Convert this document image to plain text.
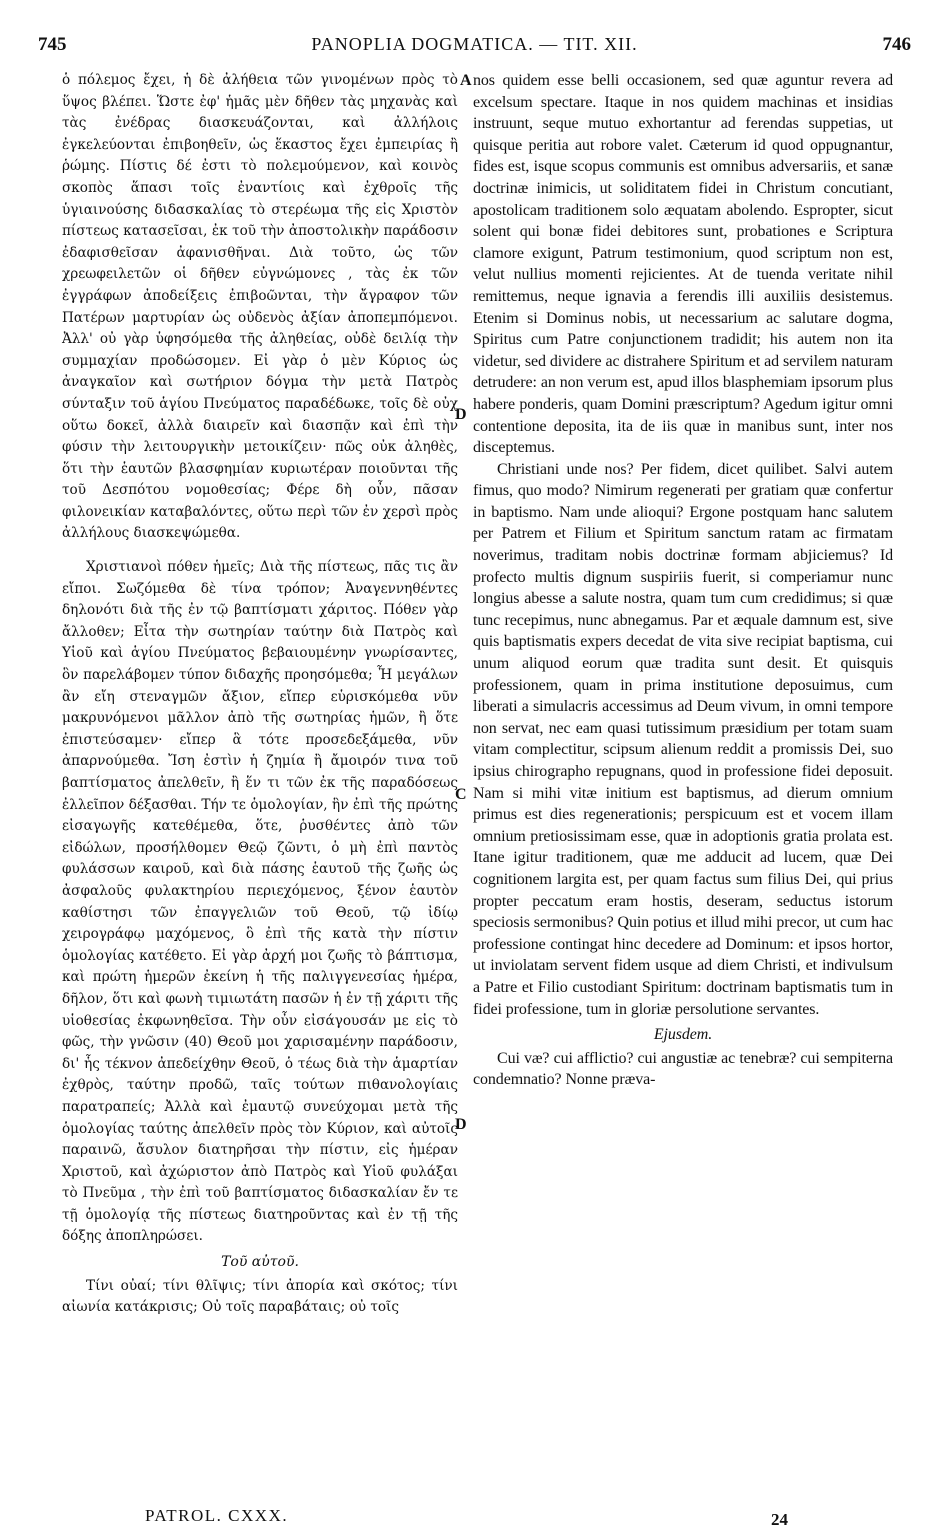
745	PANOPLIA DOGMATICA. — TIT. XII.	746

ὁ πόλεμος ἔχει, ἡ δὲ ἀλήθεια τῶν γινομένων πρὸς τὸ ὕψος βλέπει. Ὥστε ἐφ' ἡμᾶς μὲν δῆθεν τὰς μηχανὰς καὶ τὰς ἐνέδρας διασκευάζονται, καὶ ἀλλήλοις ἐγκελεύονται ἐπιβοηθεῖν, ὡς ἕκαστος ἔχει ἐμπειρίας ἢ ῥώμης. Πίστις δέ ἐστι τὸ πολεμούμενον, καὶ κοινὸς σκοπὸς ἅπασι τοῖς ἐναντίοις καὶ ἐχθροῖς τῆς ὑγιαινούσης διδασκαλίας τὸ στερέωμα τῆς εἰς Χριστὸν πίστεως κατασεῖσαι, ἐκ τοῦ τὴν ἀποστολικὴν παράδοσιν ἐδαφισθεῖσαν ἀφανισθῆναι. Διὰ τοῦτο, ὡς τῶν χρεωφειλετῶν οἱ δῆθεν εὐγνώμονες , τὰς ἐκ τῶν ἐγγράφων ἀποδείξεις ἐπιβοῶνται, τὴν ἄγραφον τῶν Πατέρων μαρτυρίαν ὡς οὐδενὸς ἀξίαν ἀποπεμπόμενοι. Ἀλλ' οὐ γὰρ ὑφησόμεθα τῆς ἀληθείας, οὐδὲ δειλίᾳ τὴν συμμαχίαν προδώσομεν. Εἰ γὰρ ὁ μὲν Κύριος ὡς ἀναγκαῖον καὶ σωτήριον δόγμα τὴν μετὰ Πατρὸς σύνταξιν τοῦ ἁγίου Πνεύματος παραδέδωκε, τοῖς δὲ οὐχ οὕτω δοκεῖ, ἀλλὰ διαιρεῖν καὶ διασπᾷν καὶ ἐπὶ τὴν φύσιν τὴν λειτουργικὴν μετοικίζειν· πῶς οὐκ ἀληθὲς, ὅτι τὴν ἑαυτῶν βλασφημίαν κυριωτέραν ποιοῦνται τῆς τοῦ Δεσπότου νομοθεσίας; Φέρε δὴ οὖν, πᾶσαν φιλονεικίαν καταβαλόντες, οὕτω περὶ τῶν ἐν χερσὶ πρὸς ἀλλήλους διασκεψώμεθα.

Χριστιανοὶ πόθεν ἡμεῖς; Διὰ τῆς πίστεως, πᾶς τις ἂν εἴποι. Σωζόμεθα δὲ τίνα τρόπον; Ἀναγεννηθέντες δηλονότι διὰ τῆς ἐν τῷ βαπτίσματι χάριτος. Πόθεν γὰρ ἄλλοθεν; Εἶτα τὴν σωτηρίαν ταύτην διὰ Πατρὸς καὶ Υἱοῦ καὶ ἁγίου Πνεύματος βεβαιουμένην γνωρίσαντες, ὃν παρελάβομεν τύπον διδαχῆς προησόμεθα; Ἦ μεγάλων ἂν εἴη στεναγμῶν ἄξιον, εἴπερ εὑρισκόμεθα νῦν μακρυνόμενοι μᾶλλον ἀπὸ τῆς σωτηρίας ἡμῶν, ἢ ὅτε ἐπιστεύσαμεν· εἴπερ ἃ τότε προσεδεξάμεθα, νῦν ἀπαρνούμεθα. Ἴση ἐστὶν ἡ ζημία ἢ ἄμοιρόν τινα τοῦ βαπτίσματος ἀπελθεῖν, ἢ ἕν τι τῶν ἐκ τῆς παραδόσεως ἐλλεῖπον δέξασθαι. Τήν τε ὁμολογίαν, ἣν ἐπὶ τῆς πρώτης εἰσαγωγῆς κατεθέμεθα, ὅτε, ῥυσθέντες ἀπὸ τῶν εἰδώλων, προσήλθομεν Θεῷ ζῶντι, ὁ μὴ ἐπὶ παντὸς φυλάσσων καιροῦ, καὶ διὰ πάσης ἑαυτοῦ τῆς ζωῆς ὡς ἀσφαλοῦς φυλακτηρίου περιεχόμενος, ξένον ἑαυτὸν καθίστησι τῶν ἐπαγγελιῶν τοῦ Θεοῦ, τῷ ἰδίῳ χειρογράφῳ μαχόμενος, ὃ ἐπὶ τῆς κατὰ τὴν πίστιν ὁμολογίας κατέθετο. Εἰ γὰρ ἀρχή μοι ζωῆς τὸ βάπτισμα, καὶ πρώτη ἡμερῶν ἐκείνη ἡ τῆς παλιγγενεσίας ἡμέρα, δῆλον, ὅτι καὶ φωνὴ τιμιωτάτη πασῶν ἡ ἐν τῇ χάριτι τῆς υἱοθεσίας ἐκφωνηθεῖσα. Τὴν οὖν εἰσάγουσάν με εἰς τὸ φῶς, τὴν γνῶσιν (40) Θεοῦ μοι χαρισαμένην παράδοσιν, δι' ἧς τέκνον ἀπεδείχθην Θεοῦ, ὁ τέως διὰ τὴν ἁμαρτίαν ἐχθρὸς, ταύτην προδῶ, ταῖς τούτων πιθανολογίαις παρατραπείς; Ἀλλὰ καὶ ἐμαυτῷ συνεύχομαι μετὰ τῆς ὁμολογίας ταύτης ἀπελθεῖν πρὸς τὸν Κύριον, καὶ αὐτοῖς παραινῶ, ἄσυλον διατηρῆσαι τὴν πίστιν, εἰς ἡμέραν Χριστοῦ, καὶ ἀχώριστον ἀπὸ Πατρὸς καὶ Υἱοῦ φυλάξαι τὸ Πνεῦμα , τὴν ἐπὶ τοῦ βαπτίσματος διδασκαλίαν ἔν τε τῇ ὁμολογίᾳ τῆς πίστεως διατηροῦντας καὶ ἐν τῇ τῆς δόξης ἀποπληρώσει.

Τοῦ αὐτοῦ.

Τίνι οὐαί; τίνι θλῖψις; τίνι ἀπορία καὶ σκότος; τίνι αἰωνία κατάκρισις; Οὐ τοῖς παραβάταις; οὐ τοῖς

nos quidem esse belli occasionem, sed quæ aguntur revera ad excelsum spectare. Itaque in nos quidem machinas et insidias instruunt, seque mutuo exhortantur ad ferendas suppetias, ut quisque peritia aut robore valet. Cæterum id quod oppugnantur, fides est, isque scopus communis est omnibus adversariis, et sanæ doctrinæ inimicis, ut soliditatem fidei in Christum concutiant, apostolicam traditionem solo æquatam abolendo. Espropter, sicut solent qui bonæ fidei debitores sunt, probationes e Scriptura clamore exigunt, Patrum testimonium, quod scriptum non est, velut nullius momenti rejicientes. At de tuenda veritate nihil remittemus, neque ignavia a ferendis illi auxiliis desistemus. Etenim si Dominus nobis, ut necessarium ac salutare dogma, Spiritus cum Patre conjunctionem tradidit; his autem non ita videtur, sed dividere ac distrahere Spiritum et ad servilem naturam detrudere: an non verum est, apud illos blasphemiam ipsorum plus habere ponderis, quam Domini præscriptum? Agedum igitur omni contentione deposita, ita de iis quæ in manibus sunt, inter nos disceptemus.

Christiani unde nos? Per fidem, dicet quilibet. Salvi autem fimus, quo modo? Nimirum regenerati per gratiam quæ confertur in baptismo. Nam unde alioqui? Ergone postquam hanc salutem per Patrem et Filium et Spiritum sanctum ratam ac firmatam noverimus, traditam nobis doctrinæ formam abjiciemus? Id profecto multis dignum suspiriis fuerit, si comperiamur nunc longius abesse a salute nostra, quam tum cum credidimus; si quæ tunc recepimus, nunc abnegamus. Par et æquale damnum est, sive quis baptismatis expers decedat de vita sive recipiat baptisma, cui unum aliquod eorum quæ tradita sunt desit. Et quisquis professionem, quam in prima institutione deposuimus, cum liberati a simulacris accessimus ad Deum vivum, in omni tempore non servat, nec eam quasi tutissimum præsidium per totam suam vitam complectitur, scipsum alienum reddit a promissis Dei, suo ipsius chirographo repugnans, quod in professione fidei deposuit. Nam si mihi vitæ initium est baptismus, ad dierum omnium primus est dies regenerationis; perspicuum est et vocem illam omnium pretiosissimam esse, quæ in adoptionis gratia prolata est. Itane igitur traditionem, quæ me adducit ad lucem, quæ Dei cognitionem largita est, per quam factus sum filius Dei, qui prius propter peccatum eram hostis, deseram, seductus istorum speciosis sermonibus? Quin potius et illud mihi precor, ut cum hac professione contingat hinc decedere ad Dominum: et ipsos hortor, ut inviolatam servent fidem usque ad diem Christi, et indivulsum a Patre et Filio custodiant Spiritum: doctrinam baptismatis tum in fidei professione, tum in gloriæ persolutione servantes.

Ejusdem.

Cui væ? cui afflictio? cui angustiæ ac tenebræ? cui sempiterna condemnatio? Nonne præva-

A
D
C
D
PATROL. CXXX.	24
